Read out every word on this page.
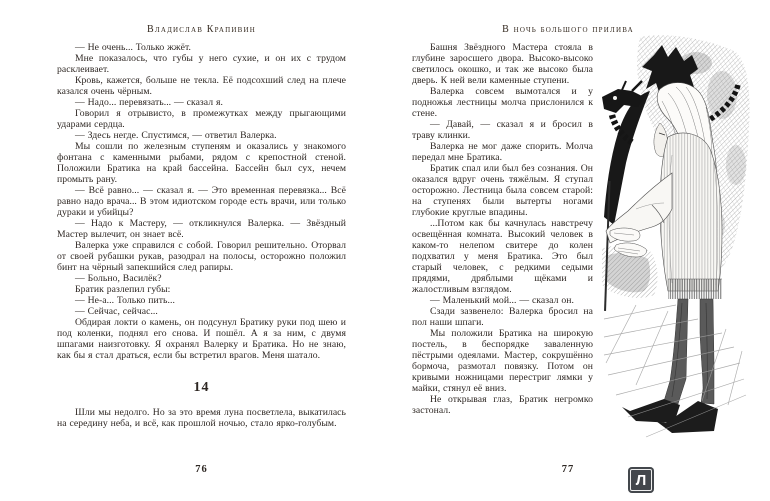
Владислав Крапивин	В ночь большого прилива

— Не очень... Только жжёт.

Мне показалось, что губы у него сухие, и он их с трудом расклеивает.

Кровь, кажется, больше не текла. Её подсохший след на плече казался очень чёрным.

— Надо... перевязать... — сказал я.

Говорил я отрывисто, в промежутках между прыгающими ударами сердца.

— Здесь негде. Спустимся, — ответил Валерка.

Мы сошли по железным ступеням и оказались у знакомого фонтана с каменными рыбами, рядом с крепостной стеной. Положили Братика на край бассейна. Бассейн был сух, нечем промыть рану.

— Всё равно... — сказал я. — Это временная перевязка... Всё равно надо врача... В этом идиотском городе есть врачи, или только дураки и убийцы?

— Надо к Мастеру, — откликнулся Валерка. — Звёздный Мастер вылечит, он знает всё.

Валерка уже справился с собой. Говорил решительно. Оторвал от своей рубашки рукав, разодрал на полосы, осторожно положил бинт на чёрный запекшийся след рапиры.

— Больно, Василёк?

Братик разлепил губы:

— Не-а... Только пить...

— Сейчас, сейчас...

Обдирая локти о камень, он подсунул Братику руки под шею и под коленки, поднял его снова. И пошёл. А я за ним, с двумя шпагами наизготовку. Я охранял Валерку и Братика. Но не знаю, как бы я стал драться, если бы встретил врагов. Меня шатало.

14

Шли мы недолго. Но за это время луна посветлела, выкатилась на середину неба, и всё, как прошлой ночью, стало ярко-голубым.

Башня Звёздного Мастера стояла в глубине заросшего двора. Высоко-высоко светилось окошко, и так же высоко была дверь. К ней вели каменные ступени.

Валерка совсем вымотался и у подножья лестницы молча прислонился к стене.

— Давай, — сказал я и бросил в траву клинки.

Валерка не мог даже спорить. Молча передал мне Братика.

Братик спал или был без сознания. Он оказался вдруг очень тяжёлым. Я ступал осторожно. Лестница была совсем старой: на ступенях были вытерты ногами глубокие круглые впадины.

...Потом как бы качнулась навстречу освещённая комната. Высокий человек в каком-то нелепом свитере до колен подхватил у меня Братика. Это был старый человек, с редкими седыми прядями, дряблыми щёками и жалостливым взглядом.

— Маленький мой... — сказал он.

Сзади зазвенело: Валерка бросил на пол наши шпаги.

Мы положили Братика на широкую постель, в беспорядке заваленную пёстрыми одеялами. Мастер, сокрушённо бормоча, размотал повязку. Потом он кривыми ножницами перестриг лямки у майки, стянул её вниз.

Не открывая глаз, Братик негромко застонал.

76	77
Л
